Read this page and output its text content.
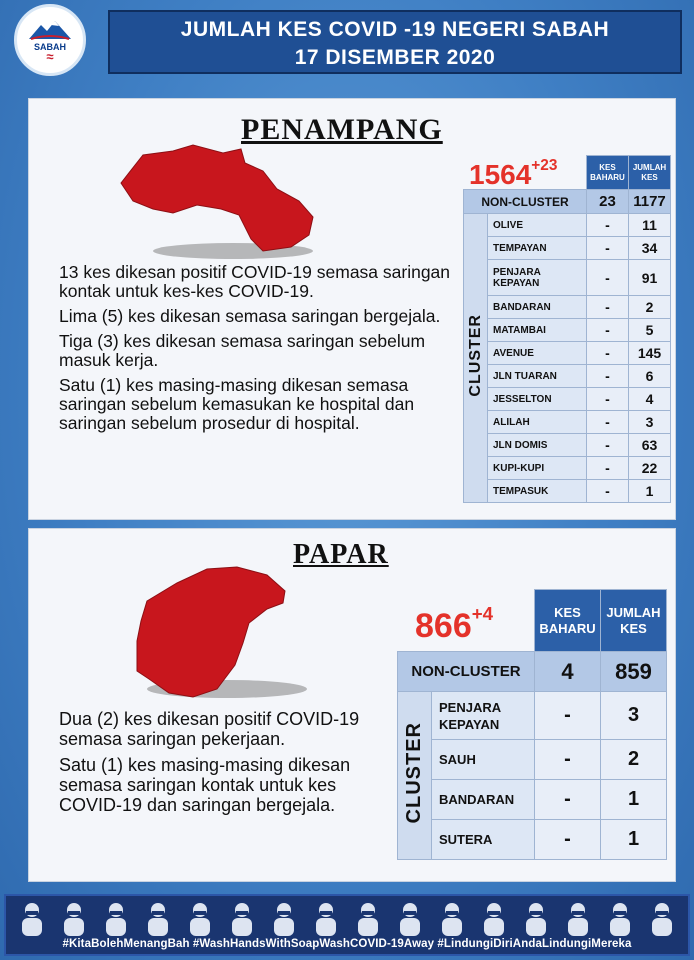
SABAH
≈
JUMLAH KES COVID -19 NEGERI SABAH
17 DISEMBER 2020
PENAMPANG

13 kes dikesan positif COVID-19 semasa saringan kontak untuk kes-kes COVID-19.

Lima (5) kes dikesan semasa saringan bergejala.

Tiga (3) kes dikesan semasa saringan sebelum masuk kerja.

Satu (1) kes masing-masing dikesan semasa saringan sebelum kemasukan ke hospital dan saringan sebelum prosedur di hospital.

$1564^{+23}$
		KES BAHARU	JUMLAH KES
NON-CLUSTER		23	1177
CLUSTER	OLIVE	-	11
	TEMPAYAN	-	34
	PENJARA KEPAYAN	-	91
	BANDARAN	-	2
	MATAMBAI	-	5
	AVENUE	-	145
	JLN TUARAN	-	6
	JESSELTON	-	4
	ALILAH	-	3
	JLN DOMIS	-	63
	KUPI-KUPI	-	22
	TEMPASUK	-	1
PAPAR

Dua (2) kes dikesan positif COVID-19 semasa saringan pekerjaan.

Satu (1) kes masing-masing dikesan semasa saringan kontak untuk kes COVID-19 dan saringan bergejala.

$866^{+4}$
		KES BAHARU	JUMLAH KES
NON-CLUSTER		4	859
CLUSTER	PENJARA KEPAYAN	-	3
	SAUH	-	2
	BANDARAN	-	1
	SUTERA	-	1
#KitaBolehMenangBah #WashHandsWithSoapWashCOVID-19Away #LindungiDiriAndaLindungiMereka
